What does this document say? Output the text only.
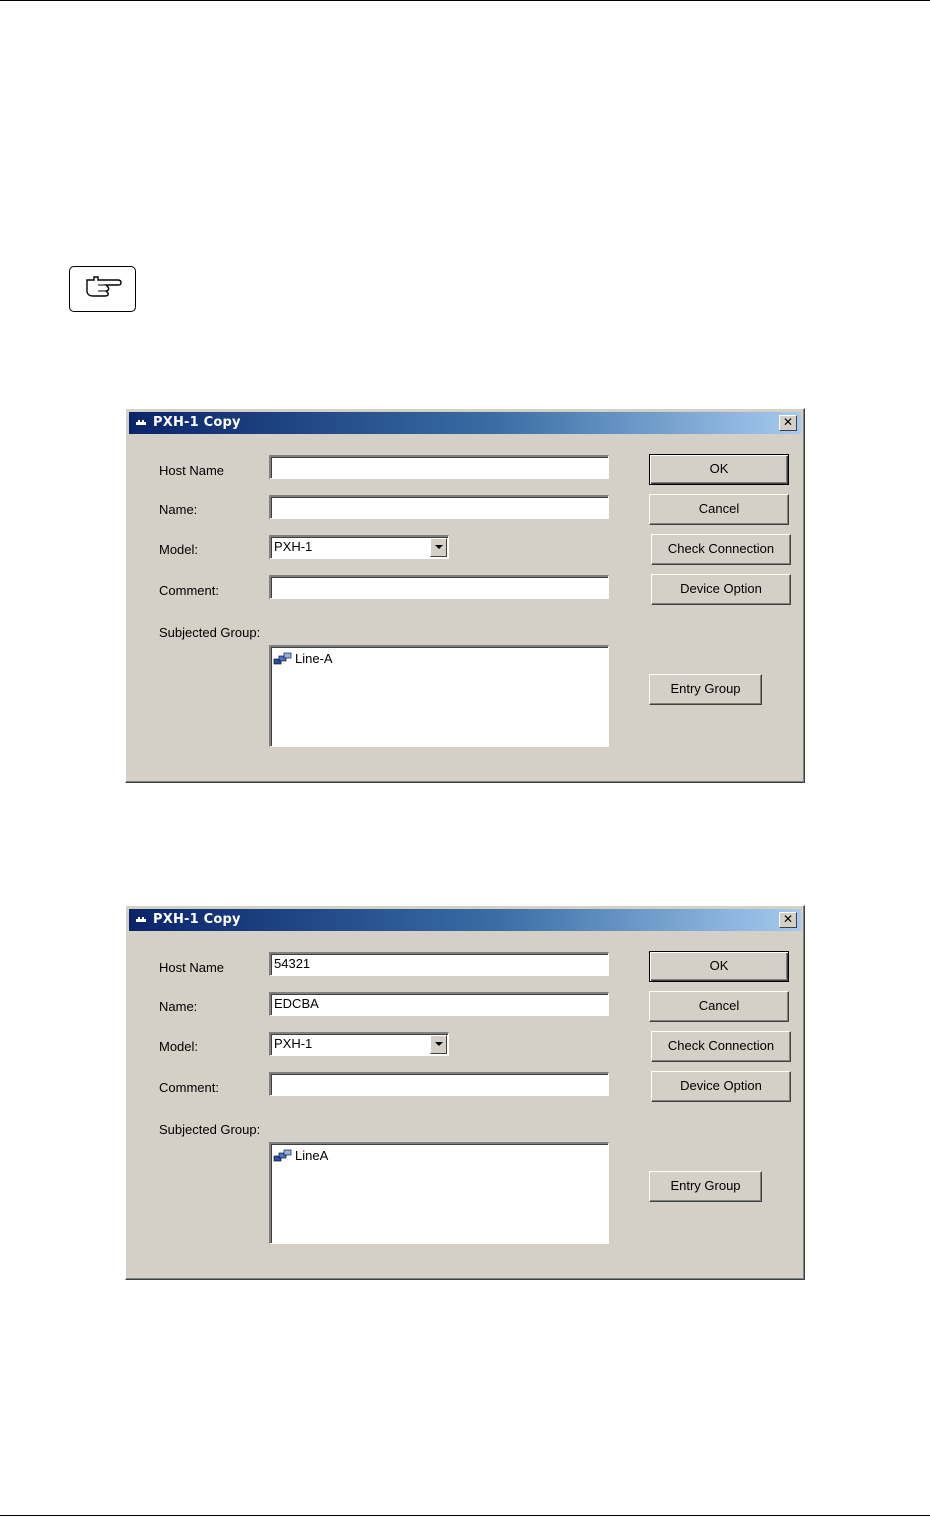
PXH-1 Copy	✕
Host Name
Name:
Model:	PXH-1
Comment:
Subjected Group:
Line-A
OK
Cancel
Check Connection
Device Option
Entry Group
PXH-1 Copy	✕
Host Name	54321
Name:	EDCBA
Model:	PXH-1
Comment:
Subjected Group:
LineA
OK
Cancel
Check Connection
Device Option
Entry Group
